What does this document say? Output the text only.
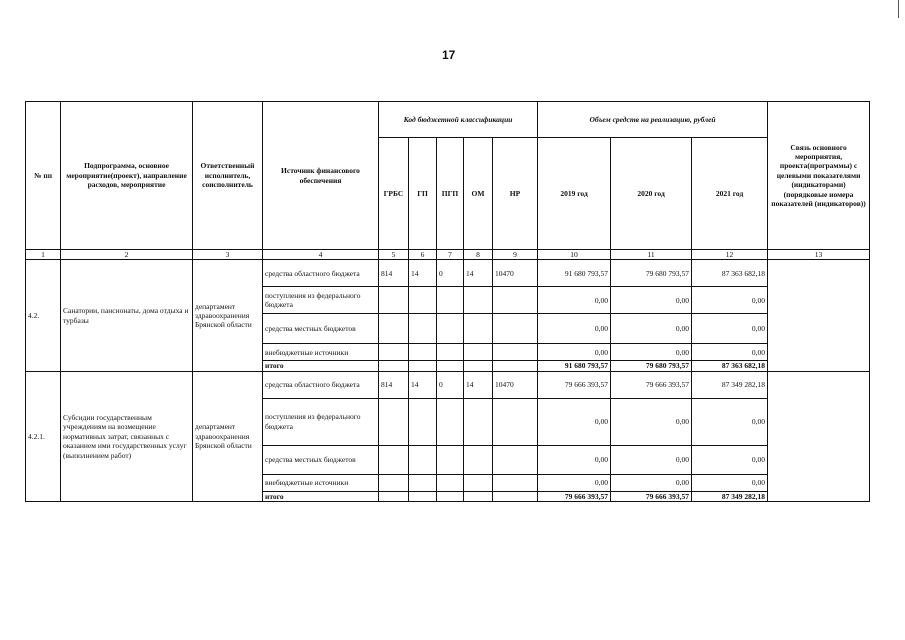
17
№ пп	Подпрограмма, основное мероприятие(проект), направление расходов, мероприятие	Ответственный исполнитель, соисполнитель	Источник финансового обеспечения	Код бюджетной классификации					Объем средств на реализацию, рублей			Связь основного мероприятия, проекта(программы) с целевыми показателями (индикаторами) (порядковые номера показателей (индикаторов))
				ГРБС	ГП	ПГП	ОМ	НР	2019 год	2020 год	2021 год	
1	2	3	4	5	6	7	8	9	10	11	12	13
4.2.	Санатории, пансионаты, дома отдыха и турбазы	департамент здравоохранения Брянской области	средства областного бюджета	814	14	0	14	10470	91 680 793,57	79 680 793,57	87 363 682,18	
			поступления из федерального бюджета						0,00	0,00	0,00	
			средства местных бюджетов						0,00	0,00	0,00	
			внебюджетные источники						0,00	0,00	0,00	
			итого						91 680 793,57	79 680 793,57	87 363 682,18	
4.2.1.	Субсидии государственным учреждениям на возмещение нормативных затрат, связанных с оказанием ими государственных услуг (выполнением работ)	департамент здравоохранения Брянской области	средства областного бюджета	814	14	0	14	10470	79 666 393,57	79 666 393,57	87 349 282,18	
			поступления из федерального бюджета						0,00	0,00	0,00	
			средства местных бюджетов						0,00	0,00	0,00	
			внебюджетные источники						0,00	0,00	0,00	
			итого						79 666 393,57	79 666 393,57	87 349 282,18	
